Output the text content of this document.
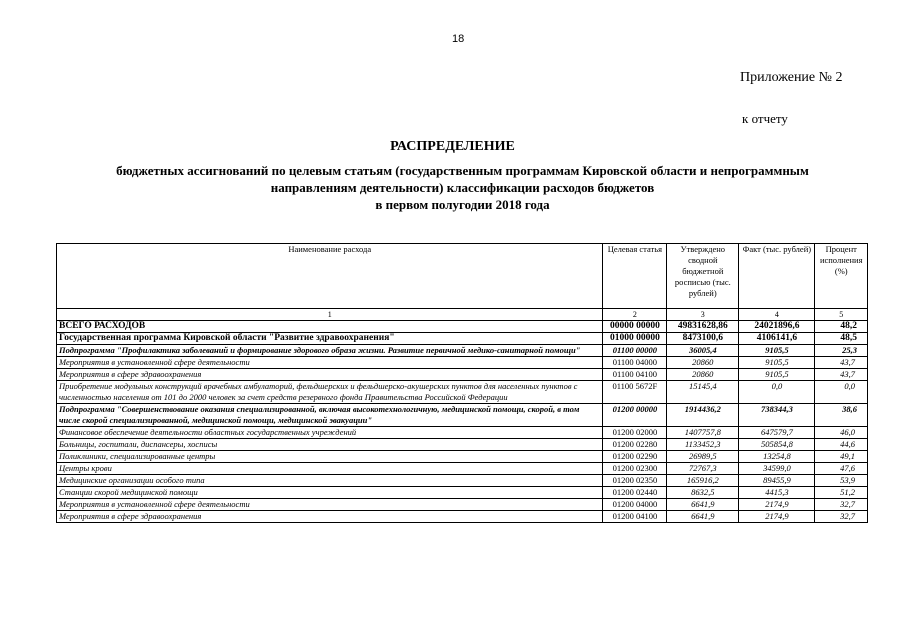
18
Приложение № 2
к отчету
РАСПРЕДЕЛЕНИЕ
бюджетных ассигнований по целевым статьям (государственным программам Кировской области и непрограммным
направлениям деятельности) классификации расходов бюджетов
в первом полугодии 2018 года
Наименование расхода	Целевая статья	Утверждено сводной бюджетной росписью (тыс. рублей)	Факт (тыс. рублей)	Процент исполнения (%)
1	2	3	4	5
ВСЕГО РАСХОДОВ	00000 00000	49831628,86	24021896,6	48,2
Государственная программа Кировской области "Развитие здравоохранения"	01000 00000	8473100,6	4106141,6	48,5
Подпрограмма "Профилактика заболеваний и формирование здорового образа жизни. Развитие первичной медико-санитарной помощи"	01100 00000	36005,4	9105,5	25,3
Мероприятия в установленной сфере деятельности	01100 04000	20860	9105,5	43,7
Мероприятия в сфере здравоохранения	01100 04100	20860	9105,5	43,7
Приобретение модульных конструкций врачебных амбулаторий, фельдшерских и фельдшерско-акушерских пунктов для населенных пунктов с численностью населения от 101 до 2000 человек за счет средств резервного фонда Правительства Российской Федерации	01100 5672F	15145,4	0,0	0,0
Подпрограмма "Совершенствование оказания специализированной, включая высокотехнологичную, медицинской помощи, скорой, в том числе скорой специализированной, медицинской помощи, медицинской эвакуации"	01200 00000	1914436,2	738344,3	38,6
Финансовое обеспечение деятельности областных государственных учреждений	01200 02000	1407757,8	647579,7	46,0
Больницы, госпитали, диспансеры, хосписы	01200 02280	1133452,3	505854,8	44,6
Поликлиники, специализированные центры	01200 02290	26989,5	13254,8	49,1
Центры крови	01200 02300	72767,3	34599,0	47,6
Медицинские организации особого типа	01200 02350	165916,2	89455,9	53,9
Станции скорой медицинской помощи	01200 02440	8632,5	4415,3	51,2
Мероприятия в установленной сфере деятельности	01200 04000	6641,9	2174,9	32,7
Мероприятия в сфере здравоохранения	01200 04100	6641,9	2174,9	32,7
